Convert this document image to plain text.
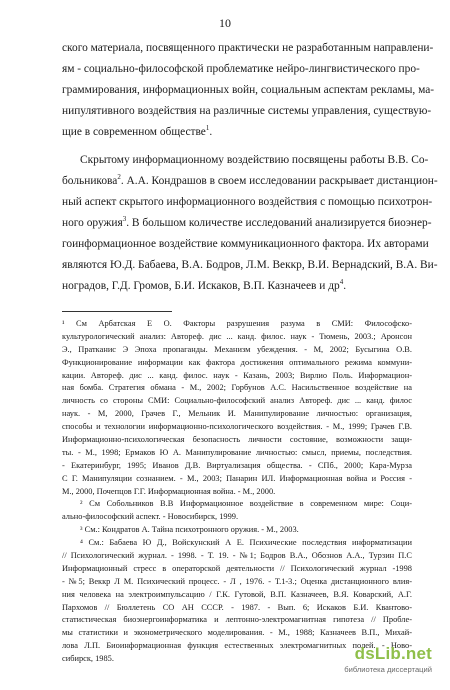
10
ского материала, посвященного практически не разработанным направлени-
ям - социально-философской проблематике нейро-лингвистического про-
граммирования, информационных войн, социальным аспектам рекламы, ма-
нипулятивного воздействия на различные системы управления, существую-
щие в современном обществе$^1$.
Скрытому информационному воздействию посвящены работы В.В. Со-
больникова$^2$. А.А. Кондрашов в своем исследовании раскрывает дистанцион-
ный аспект скрытого информационного воздействия с помощью психотрон-
ного оружия$^3$. В большом количестве исследований анализируется биоэнер-
гоинформационное воздействие коммуникационного фактора. Их авторами
являются Ю.Д. Бабаева, В.А. Бодров, Л.М. Веккр, В.И. Вернадский, В.А. Ви-
ноградов, Г.Д. Громов, Б.И. Искаков, В.П. Казначеев и $др^4$.
¹ См Арбатская Е О. Факторы разрушения разума в СМИ: Философско-
культурологический анализ: Автореф. дис ... канд. филос. наук - Тюмень, 2003.; Аронсон
Э., Пратканис Э Эпоха пропаганды. Механизм убеждения. - М, 2002; Бусыгина О.В.
Функционирование информации как фактора достижения оптимального режима коммуни-
кации. Автореф. дис ... канд. филос. наук - Казань, 2003; Вирлио Поль. Информацион-
ная бомба. Стратегия обмана - М., 2002; Горбунов А.С. Насильственное воздействие на
личность со стороны СМИ: Социально-философский анализ Автореф. дис ... канд. филос
наук. - М, 2000, Грачев Г., Мельник И. Манипулирование личностью: организация,
способы и технологии информационно-психологического воздействия. - М., 1999; Грачев Г.В.
Информационно-психологическая безопасность личности состояние, возможности защи-
ты. - М., 1998; Ермаков Ю А. Манипулирование личностью: смысл, приемы, последствия.
- Екатеринбург, 1995; Иванов Д.В. Виртуализация общества. - СПб., 2000; Кара-Мурза
С Г. Манипуляции сознанием. - М., 2003; Панарин ИЛ. Информационная война и Россия -
М., 2000, Почепцов Г.Г. Информационная война. - М., 2000.
² См Собольников В.В Информационное воздействие в современном мире: Соци-
ально-философский аспект. - Новосибирск, 1999.
³ См.: Кондратов А. Тайна психотронного оружия. - М., 2003.
⁴ См.: Бабаева Ю Д., Войскунский А Е. Психические последствия информатизации
// Психологический журнал. - 1998. - Т. 19. - №1; Бодров В.А., Обознов А.А., Турзин П.С
Информационный стресс в операторской деятельности // Психологический журнал -1998
- №5; Веккр Л М. Психический процесс. - Л , 1976. - Т.1-3.; Оценка дистанционного влия-
ния человека на электроимпульсацию / Г.К. Гутовой, В.П. Казначеев, В.Я. Коварский, А.Г.
Пархомов // Бюллетень СО АН СССР. - 1987. - Вып. 6; Искаков Б.И. Квантово-
статистическая биоэнергоинформатика и лептонно-электромагнитная гипотеза // Пробле-
мы статистики и эконометрического моделирования. - М., 1988; Казначеев В.П., Михай-
лова Л.П. Биоинформационная функция естественных электромагнитных полей. - Ново-
сибирск, 1985.	dsLib.net
библиотека диссертаций
